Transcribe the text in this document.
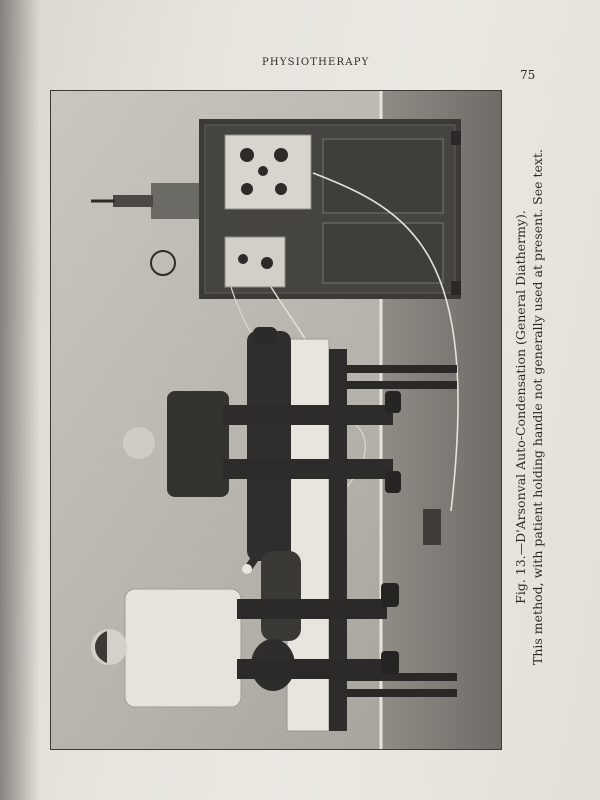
PHYSIOTHERAPY
75
Fig. 13.—D'Arsonval Auto-Condensation (General Diathermy). This method, with patient holding handle not generally used at present. See text.
